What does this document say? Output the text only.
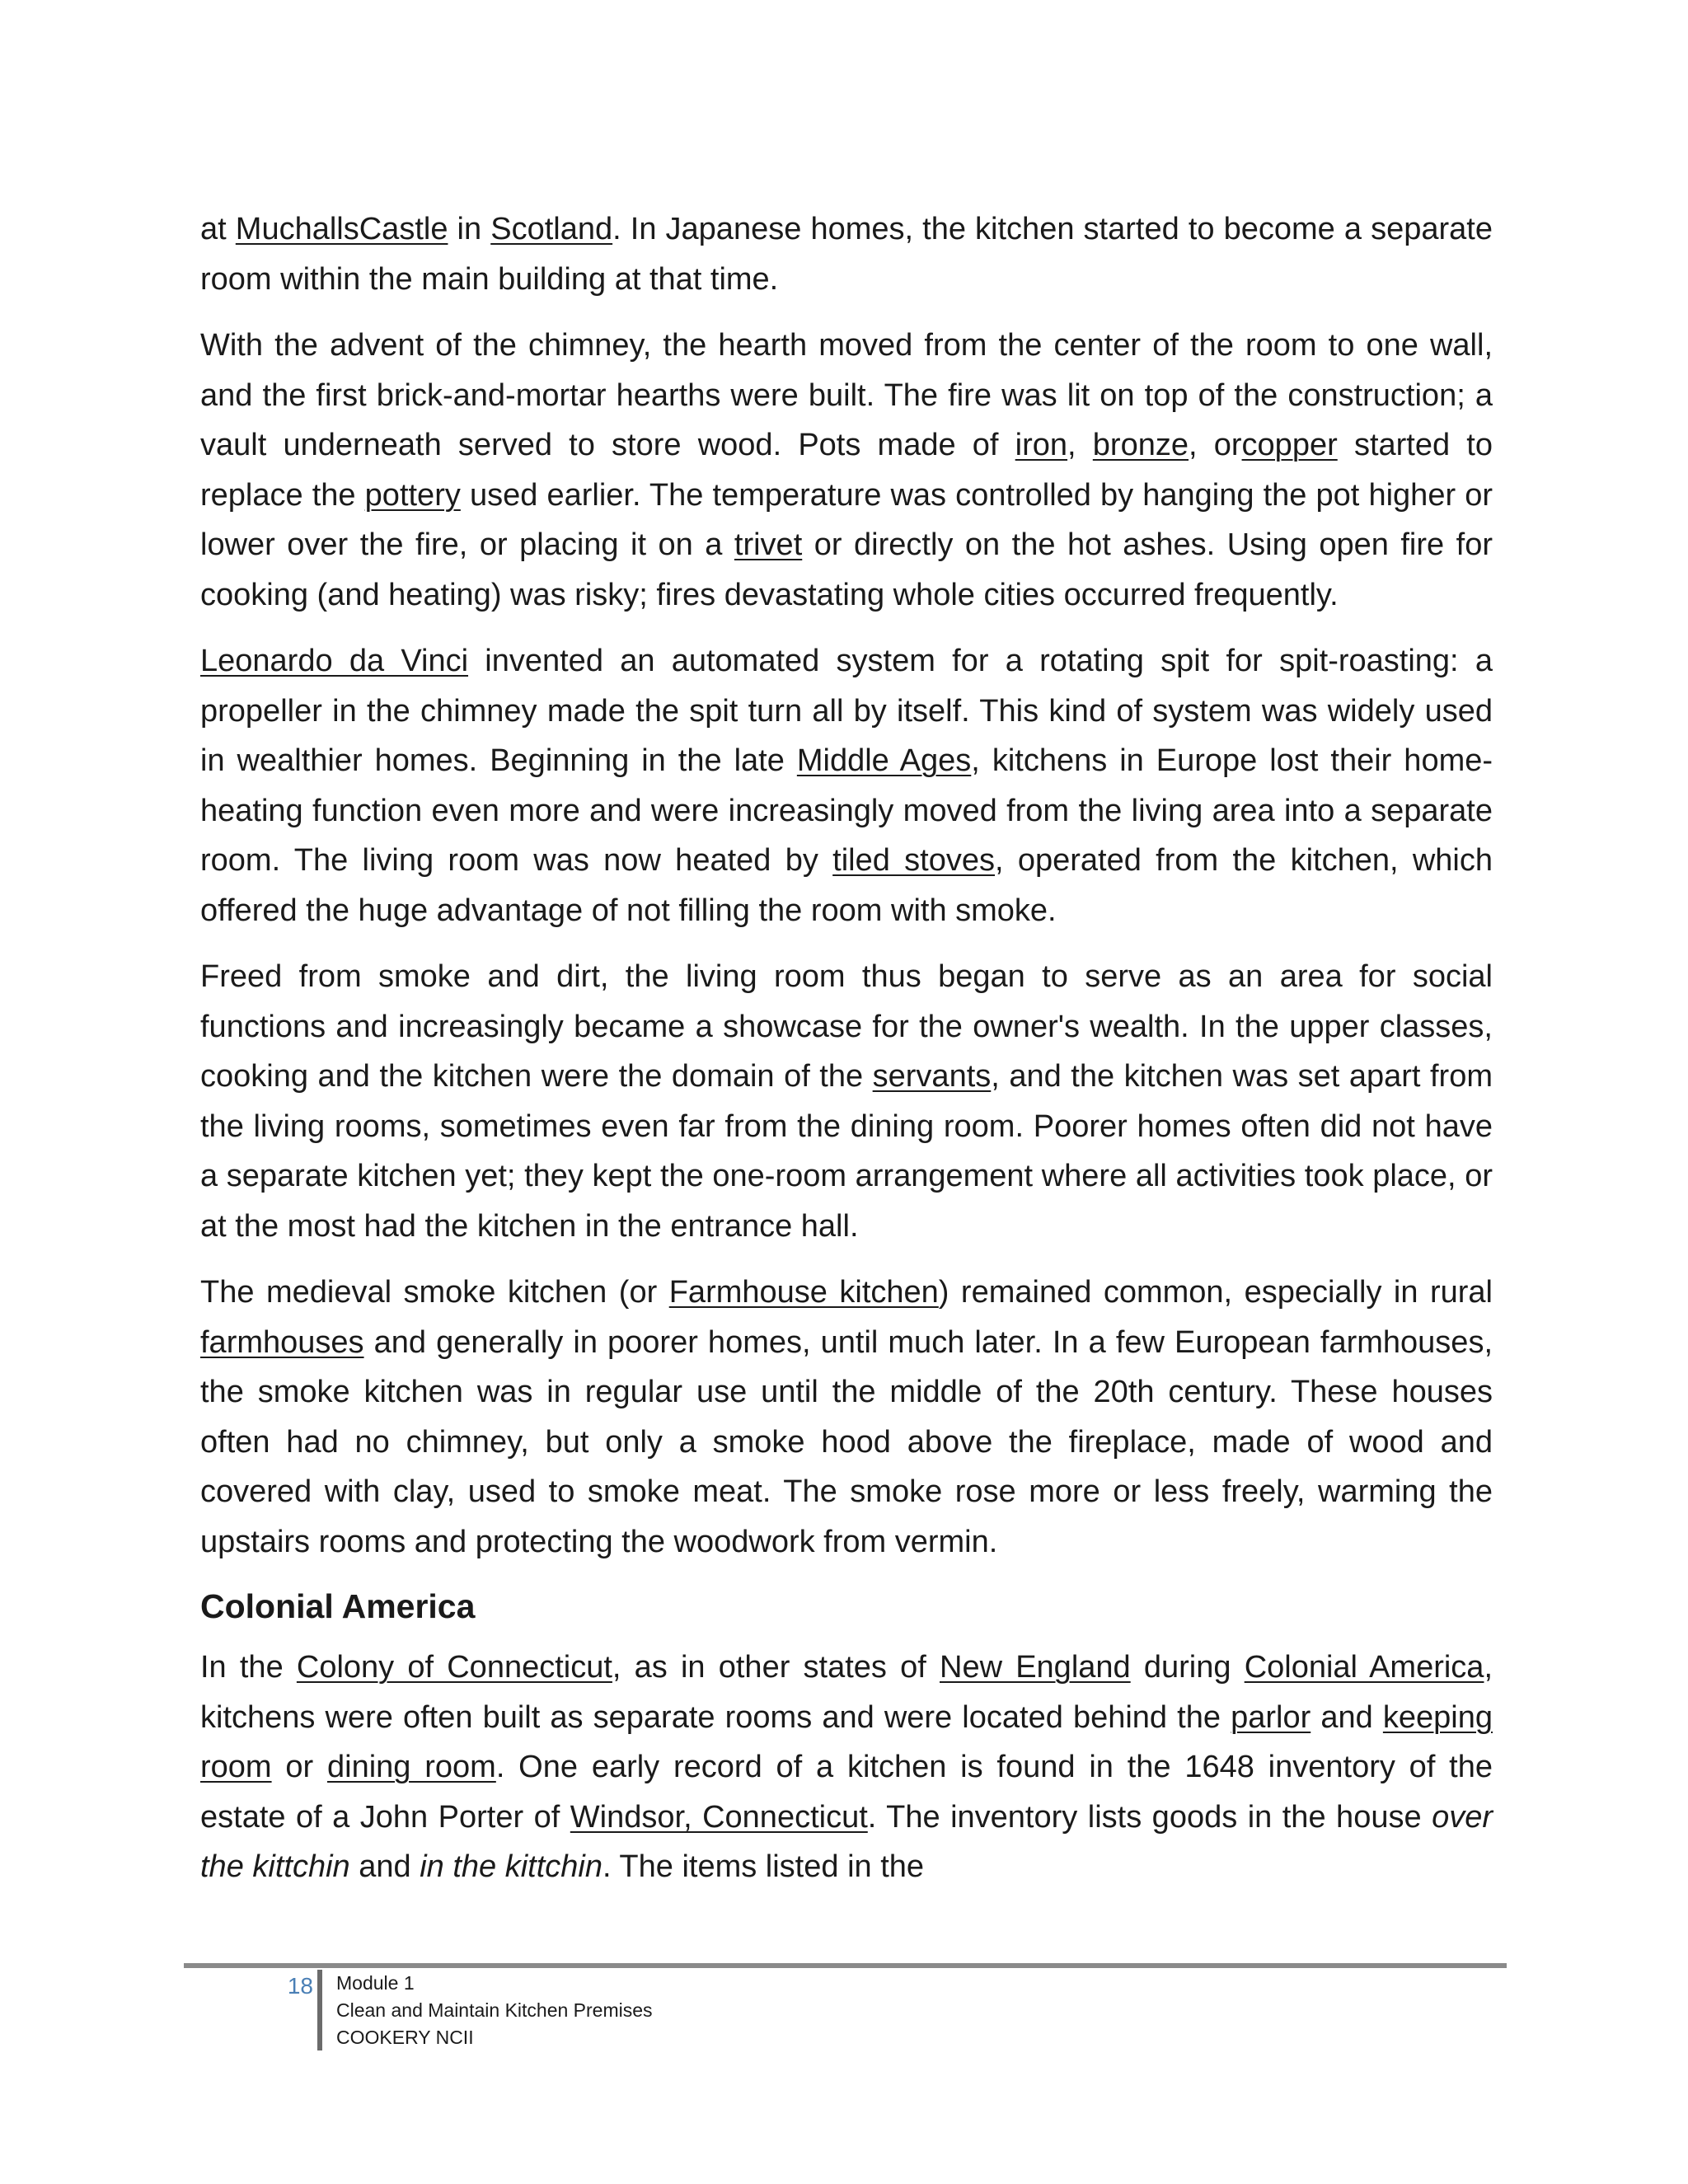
at MuchallsCastle in Scotland. In Japanese homes, the kitchen started to become a separate room within the main building at that time.

With the advent of the chimney, the hearth moved from the center of the room to one wall, and the first brick-and-mortar hearths were built. The fire was lit on top of the construction; a vault underneath served to store wood. Pots made of iron, bronze, orcopper started to replace the pottery used earlier. The temperature was controlled by hanging the pot higher or lower over the fire, or placing it on a trivet or directly on the hot ashes. Using open fire for cooking (and heating) was risky; fires devastating whole cities occurred frequently.

Leonardo da Vinci invented an automated system for a rotating spit for spit-roasting: a propeller in the chimney made the spit turn all by itself. This kind of system was widely used in wealthier homes. Beginning in the late Middle Ages, kitchens in Europe lost their home-heating function even more and were increasingly moved from the living area into a separate room. The living room was now heated by tiled stoves, operated from the kitchen, which offered the huge advantage of not filling the room with smoke.

Freed from smoke and dirt, the living room thus began to serve as an area for social functions and increasingly became a showcase for the owner's wealth. In the upper classes, cooking and the kitchen were the domain of the servants, and the kitchen was set apart from the living rooms, sometimes even far from the dining room. Poorer homes often did not have a separate kitchen yet; they kept the one-room arrangement where all activities took place, or at the most had the kitchen in the entrance hall.

The medieval smoke kitchen (or Farmhouse kitchen) remained common, especially in rural farmhouses and generally in poorer homes, until much later. In a few European farmhouses, the smoke kitchen was in regular use until the middle of the 20th century. These houses often had no chimney, but only a smoke hood above the fireplace, made of wood and covered with clay, used to smoke meat. The smoke rose more or less freely, warming the upstairs rooms and protecting the woodwork from vermin.

Colonial America

In the Colony of Connecticut, as in other states of New England during Colonial America, kitchens were often built as separate rooms and were located behind the parlor and keeping room or dining room. One early record of a kitchen is found in the 1648 inventory of the estate of a John Porter of Windsor, Connecticut. The inventory lists goods in the house over the kittchin and in the kittchin. The items listed in the

18 Module 1
Clean and Maintain Kitchen Premises
COOKERY NCII
